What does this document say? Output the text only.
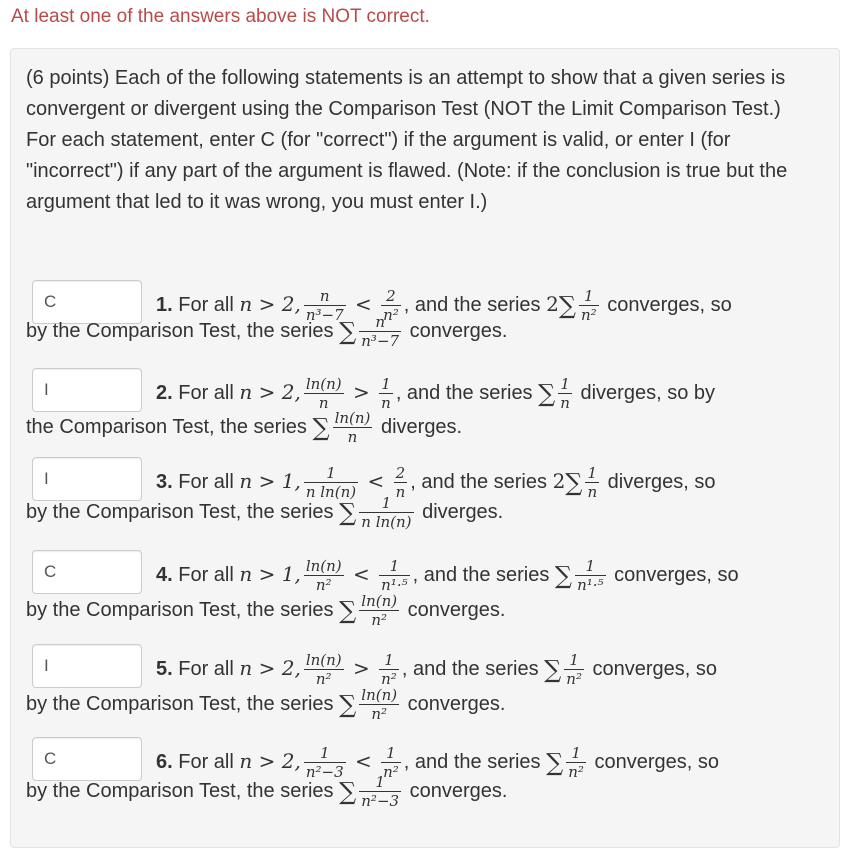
At least one of the answers above is NOT correct.
(6 points) Each of the following statements is an attempt to show that a given series is convergent or divergent using the Comparison Test (NOT the Limit Comparison Test.) For each statement, enter C (for "correct") if the argument is valid, or enter I (for "incorrect") if any part of the argument is flawed. (Note: if the conclusion is true but the argument that led to it was wrong, you must enter I.)
C
1. For all n > 2, $\frac{n}{\text{n³−7}} < \frac{2}{\text{n²}}$ , and the series $2\sum \frac{1}{\text{n²}}$ converges, so
by the Comparison Test, the series ∑ $\frac{n}{\text{n³−7}}$ converges.
I
2. For all n > 2, $\frac{\ln(n)}{n} > \frac{1}{n}$ , and the series ∑ $\frac{1}{n}$ diverges, so by
the Comparison Test, the series ∑ $\frac{\ln(n)}{n}$ diverges.
I
3. For all n > 1, $\frac{1}{\text{n ln(n)}} < \frac{2}{n}$ , and the series $2\sum \frac{1}{n}$ diverges, so
by the Comparison Test, the series ∑ $\frac{1}{\text{n ln(n)}}$ diverges.
C
4. For all n > 1, $\frac{\ln(n)}{\text{n²}} < \frac{1}{\text{n¹·⁵}}$ , and the series ∑ $\frac{1}{\text{n¹·⁵}}$ converges, so
by the Comparison Test, the series ∑ $\frac{\ln(n)}{\text{n²}}$ converges.
I
5. For all n > 2, $\frac{\ln(n)}{\text{n²}} > \frac{1}{\text{n²}}$ , and the series ∑ $\frac{1}{\text{n²}}$ converges, so
by the Comparison Test, the series ∑ $\frac{\ln(n)}{\text{n²}}$ converges.
C
6. For all n > 2, $\frac{1}{\text{n²−3}} < \frac{1}{\text{n²}}$ , and the series ∑ $\frac{1}{\text{n²}}$ converges, so
by the Comparison Test, the series ∑ $\frac{1}{\text{n²−3}}$ converges.
